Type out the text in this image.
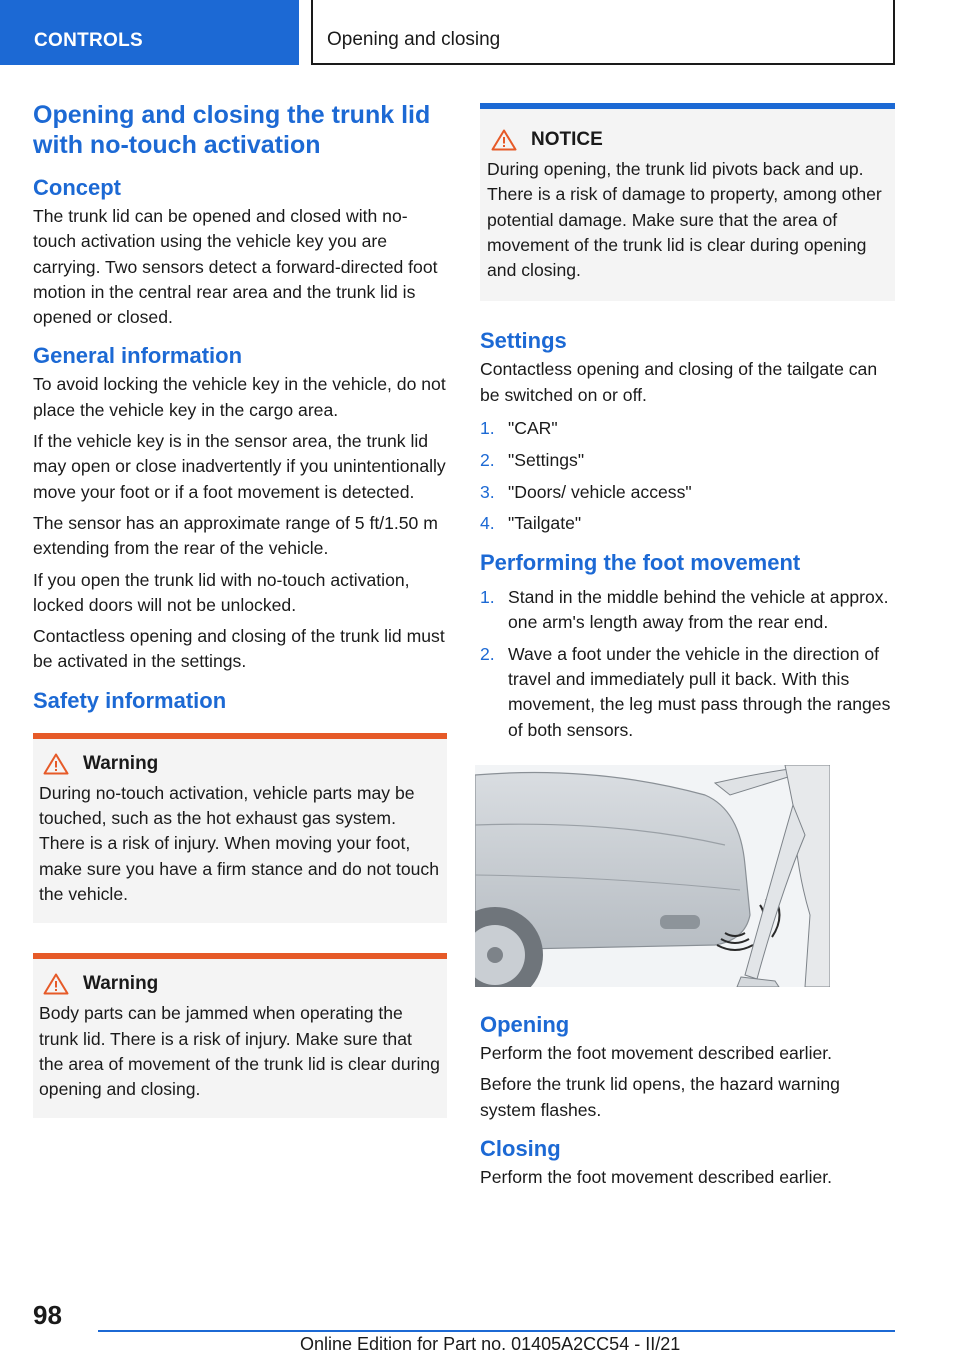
CONTROLS	Opening and closing
Opening and closing the trunk lid with no-touch activation
Concept

The trunk lid can be opened and closed with no-touch activation using the vehicle key you are carrying. Two sensors detect a forward-directed foot motion in the central rear area and the trunk lid is opened or closed.

General information

To avoid locking the vehicle key in the vehicle, do not place the vehicle key in the cargo area.

If the vehicle key is in the sensor area, the trunk lid may open or close inadvertently if you unintentionally move your foot or if a foot movement is detected.

The sensor has an approximate range of 5 ft/1.50 m extending from the rear of the vehicle.

If you open the trunk lid with no-touch activation, locked doors will not be unlocked.

Contactless opening and closing of the trunk lid must be activated in the settings.

Safety information
Warning
During no-touch activation, vehicle parts may be touched, such as the hot exhaust gas system. There is a risk of injury. When moving your foot, make sure you have a firm stance and do not touch the vehicle.
Warning
Body parts can be jammed when operating the trunk lid. There is a risk of injury. Make sure that the area of movement of the trunk lid is clear during opening and closing.
NOTICE
During opening, the trunk lid pivots back and up. There is a risk of damage to property, among other potential damage. Make sure that the area of movement of the trunk lid is clear during opening and closing.
Settings

Contactless opening and closing of the tailgate can be switched on or off.

1. "CAR"
2. "Settings"
3. "Doors/ vehicle access"
4. "Tailgate"
Performing the foot movement
1. Stand in the middle behind the vehicle at approx. one arm's length away from the rear end.
2. Wave a foot under the vehicle in the direction of travel and immediately pull it back. With this movement, the leg must pass through the ranges of both sensors.
Opening

Perform the foot movement described earlier.

Before the trunk lid opens, the hazard warning system flashes.

Closing

Perform the foot movement described earlier.

98
Online Edition for Part no. 01405A2CC54 - II/21
